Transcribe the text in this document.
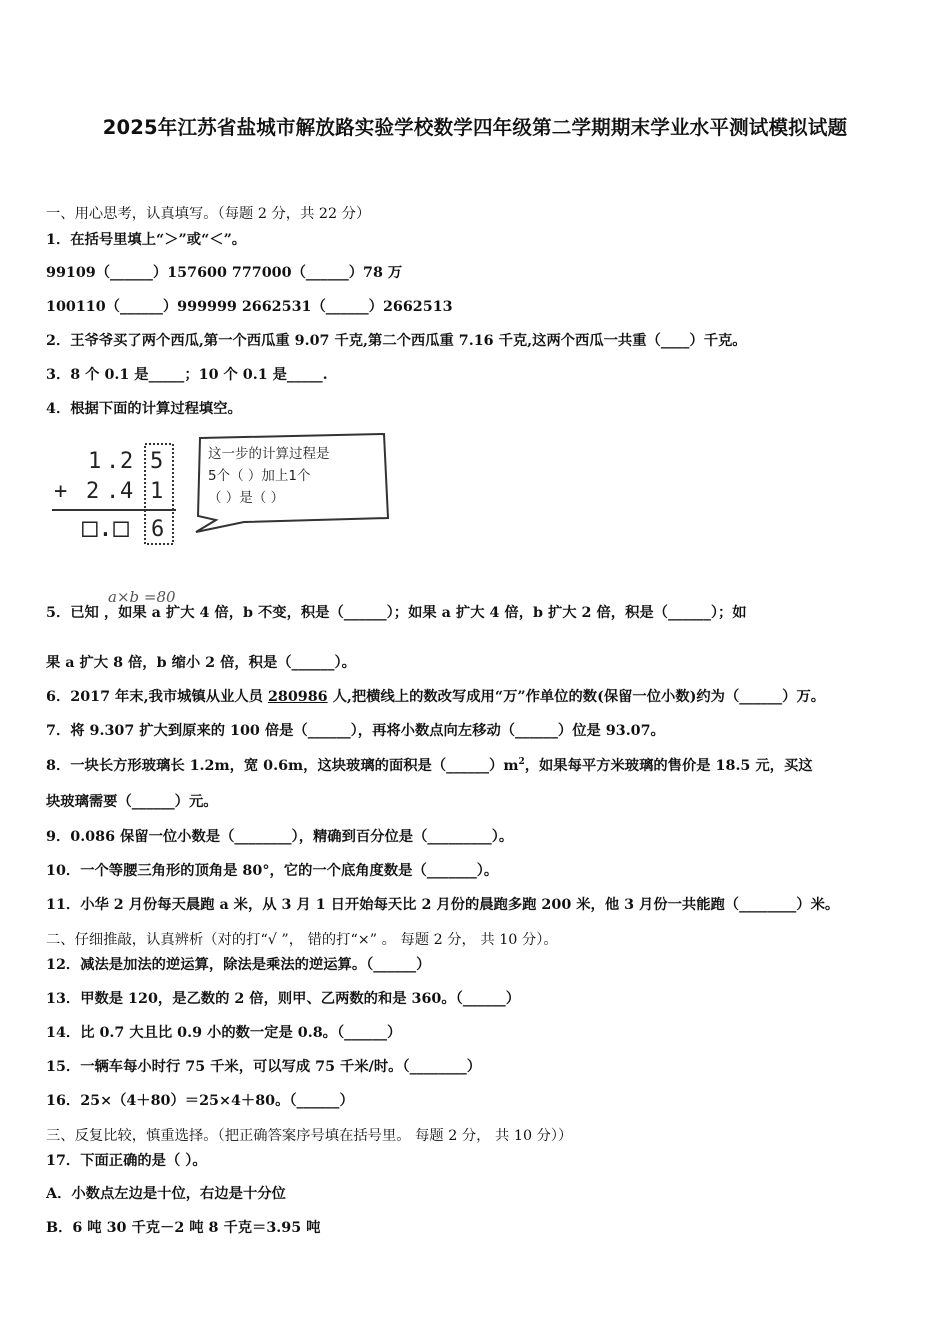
2025年江苏省盐城市解放路实验学校数学四年级第二学期期末学业水平测试模拟试题
一、用心思考，认真填写。（每题 2 分，共 22 分）
1．在括号里填上“＞”或“＜”。
99109（______）157600 777000（______）78 万
100110（______）999999 2662531（______）2662513
2．王爷爷买了两个西瓜,第一个西瓜重 9.07 千克,第二个西瓜重 7.16 千克,这两个西瓜一共重（____）千克。
3．8 个 0.1 是_____；10 个 0.1 是_____.
4．根据下面的计算过程填空。
1 . 2 5
+ 2 . 4 1
□.□ 6
这一步的计算过程是
5个（ ）加上1个
（ ）是（ ）
a×b =80
5．已知 ，如果 a 扩大 4 倍，b 不变，积是（______）；如果 a 扩大 4 倍，b 扩大 2 倍，积是（______）；如
果 a 扩大 8 倍，b 缩小 2 倍，积是（______）。
6．2017 年末,我市城镇从业人员 280986 人,把横线上的数改写成用“万”作单位的数(保留一位小数)约为（______）万。
7．将 9.307 扩大到原来的 100 倍是（______），再将小数点向左移动（______）位是 93.07。
8．一块长方形玻璃长 1.2m，宽 0.6m，这块玻璃的面积是$(\_\_\_\_\_\_)m^2$，如果每平方米玻璃的售价是 18.5 元，买这
块玻璃需要（______）元。
9．0.086 保留一位小数是（________），精确到百分位是（_________）。
10．一个等腰三角形的顶角是 80°，它的一个底角度数是（_______）。
11．小华 2 月份每天晨跑 a 米，从 3 月 1 日开始每天比 2 月份的晨跑多跑 200 米，他 3 月份一共能跑（________）米。
二、仔细推敲，认真辨析（对的打“√ ”， 错的打“×” 。 每题 2 分， 共 10 分）。
12．减法是加法的逆运算，除法是乘法的逆运算。（______）
13．甲数是 120，是乙数的 2 倍，则甲、乙两数的和是 360。（______）
14．比 0.7 大且比 0.9 小的数一定是 0.8。（______）
15．一辆车每小时行 75 千米，可以写成 75 千米/时。（________）
16．25×（4＋80）＝25×4＋80。（______）
三、反复比较，慎重选择。（把正确答案序号填在括号里。 每题 2 分， 共 10 分））
17．下面正确的是（ ）。
A．小数点左边是十位，右边是十分位
B．6 吨 30 千克－2 吨 8 千克＝3.95 吨
